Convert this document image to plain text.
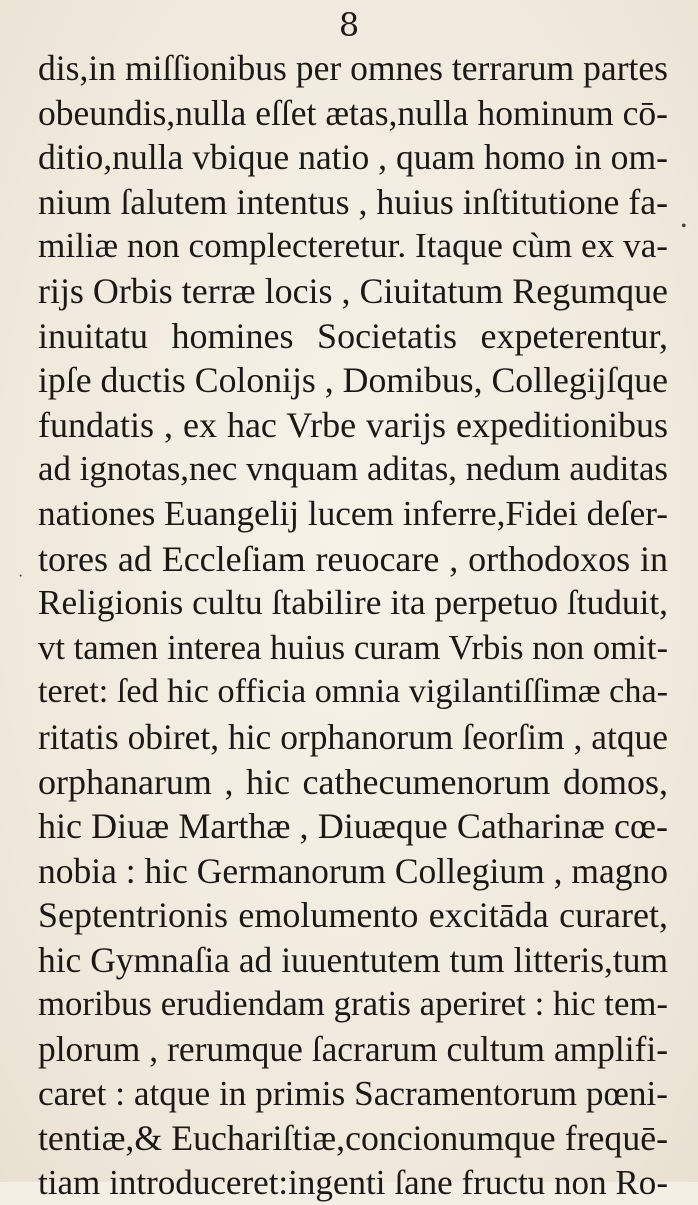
8
dis,in miſſionibus per omnes terrarum partes
obeundis,nulla eſſet ætas,nulla hominum cō-
ditio,nulla vbique natio , quam homo in om-
nium ſalutem intentus , huius inſtitutione fa-
miliæ non complecteretur. Itaque cùm ex va-
rijs Orbis terræ locis , Ciuitatum Regumque
inuitatu homines Societatis expeterentur,
ipſe ductis Colonijs , Domibus, Collegijſque
fundatis , ex hac Vrbe varijs expeditionibus
ad ignotas,nec vnquam aditas, nedum auditas
nationes Euangelij lucem inferre,Fidei deſer-
tores ad Eccleſiam reuocare , orthodoxos in
Religionis cultu ſtabilire ita perpetuo ſtuduit,
vt tamen interea huius curam Vrbis non omit-
teret: ſed hic officia omnia vigilantiſſimæ cha-
ritatis obiret, hic orphanorum ſeorſim , atque
orphanarum , hic cathecumenorum domos,
hic Diuæ Marthæ , Diuæque Catharinæ cœ-
nobia : hic Germanorum Collegium , magno
Septentrionis emolumento excitāda curaret,
hic Gymnaſia ad iuuentutem tum litteris,tum
moribus erudiendam gratis aperiret : hic tem-
plorum , rerumque ſacrarum cultum amplifi-
caret : atque in primis Sacramentorum pœni-
tentiæ,& Euchariſtiæ,concionumque frequē-
tiam introduceret:ingenti ſane fructu non Ro-
•
·
